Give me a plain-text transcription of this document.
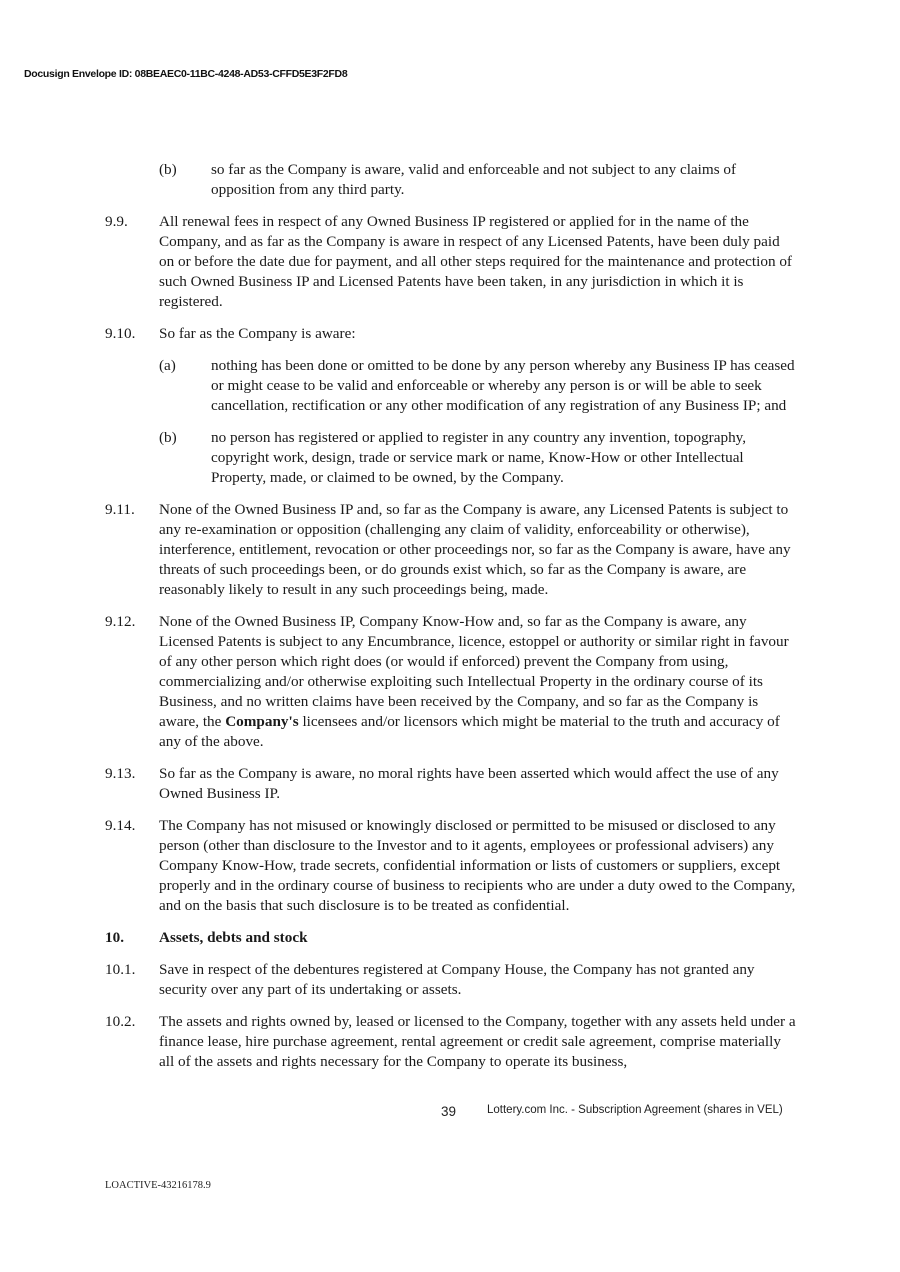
Docusign Envelope ID: 08BEAEC0-11BC-4248-AD53-CFFD5E3F2FD8
(b) so far as the Company is aware, valid and enforceable and not subject to any claims of opposition from any third party.
9.9. All renewal fees in respect of any Owned Business IP registered or applied for in the name of the Company, and as far as the Company is aware in respect of any Licensed Patents, have been duly paid on or before the date due for payment, and all other steps required for the maintenance and protection of such Owned Business IP and Licensed Patents have been taken, in any jurisdiction in which it is registered.
9.10. So far as the Company is aware:
(a) nothing has been done or omitted to be done by any person whereby any Business IP has ceased or might cease to be valid and enforceable or whereby any person is or will be able to seek cancellation, rectification or any other modification of any registration of any Business IP; and
(b) no person has registered or applied to register in any country any invention, topography, copyright work, design, trade or service mark or name, Know-How or other Intellectual Property, made, or claimed to be owned, by the Company.
9.11. None of the Owned Business IP and, so far as the Company is aware, any Licensed Patents is subject to any re-examination or opposition (challenging any claim of validity, enforceability or otherwise), interference, entitlement, revocation or other proceedings nor, so far as the Company is aware, have any threats of such proceedings been, or do grounds exist which, so far as the Company is aware, are reasonably likely to result in any such proceedings being, made.
9.12. None of the Owned Business IP, Company Know-How and, so far as the Company is aware, any Licensed Patents is subject to any Encumbrance, licence, estoppel or authority or similar right in favour of any other person which right does (or would if enforced) prevent the Company from using, commercializing and/or otherwise exploiting such Intellectual Property in the ordinary course of its Business, and no written claims have been received by the Company, and so far as the Company is aware, the Company's licensees and/or licensors which might be material to the truth and accuracy of any of the above.
9.13. So far as the Company is aware, no moral rights have been asserted which would affect the use of any Owned Business IP.
9.14. The Company has not misused or knowingly disclosed or permitted to be misused or disclosed to any person (other than disclosure to the Investor and to it agents, employees or professional advisers) any Company Know-How, trade secrets, confidential information or lists of customers or suppliers, except properly and in the ordinary course of business to recipients who are under a duty owed to the Company, and on the basis that such disclosure is to be treated as confidential.
10. Assets, debts and stock
10.1. Save in respect of the debentures registered at Company House, the Company has not granted any security over any part of its undertaking or assets.
10.2. The assets and rights owned by, leased or licensed to the Company, together with any assets held under a finance lease, hire purchase agreement, rental agreement or credit sale agreement, comprise materially all of the assets and rights necessary for the Company to operate its business,
39	Lottery.com Inc. - Subscription Agreement (shares in VEL)
LOACTIVE-43216178.9
